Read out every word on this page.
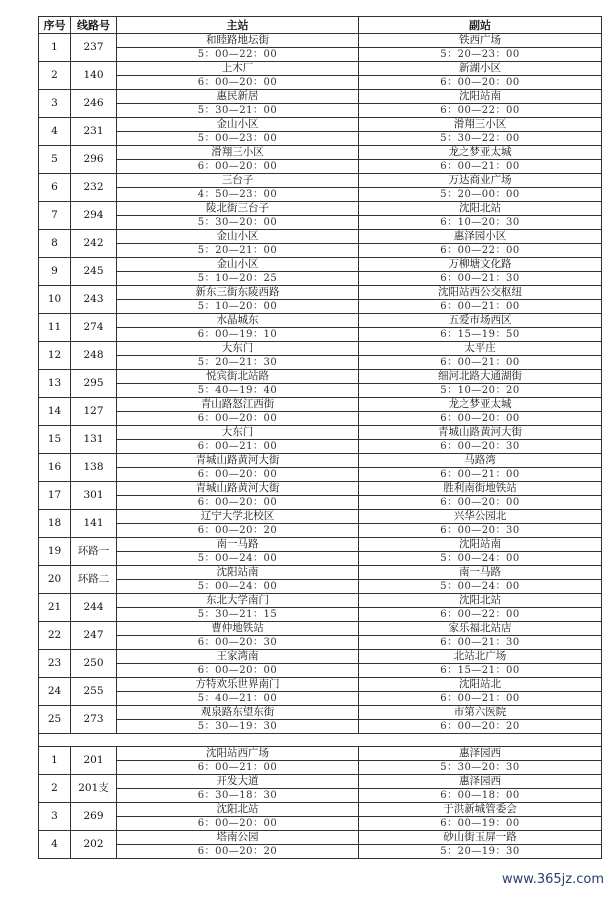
序号	线路号	主站	副站
1	237	和睦路地坛街	铁西广场
		5：00—22：00	5：20—23：00
2	140	上木厂	新湖小区
		6：00—20：00	6：00—20：00
3	246	惠民新居	沈阳站南
		5：30—21：00	6：00—22：00
4	231	金山小区	滑翔三小区
		5：00—23：00	5：30—22：00
5	296	滑翔三小区	龙之梦亚太城
		6：00—20：00	6：00—21：00
6	232	三台子	万达商业广场
		4：50—23：00	5：20—00：00
7	294	陵北街三台子	沈阳北站
		5：30—20：00	6：10—20：30
8	242	金山小区	惠泽园小区
		5：20—21：00	6：00—22：00
9	245	金山小区	万柳塘文化路
		5：10—20：25	6：00—21：30
10	243	新东三街东陵西路	沈阳站西公交枢纽
		5：10—20：00	6：00—21：00
11	274	水晶城东	五爱市场西区
		6：00—19：10	6：15—19：50
12	248	大东门	太平庄
		5：20—21：30	6：00—21：00
13	295	悦宾街北站路	细河北路大通湖街
		5：40—19：40	5：10—20：20
14	127	青山路怒江西街	龙之梦亚太城
		6：00—20：00	6：00—20：00
15	131	大东门	青城山路黄河大街
		6：00—21：00	6：00—20：30
16	138	青城山路黄河大街	马路湾
		6：00—20：00	6：00—21：00
17	301	青城山路黄河大街	胜利南街地铁站
		6：00—20：00	6：00—20：00
18	141	辽宁大学北校区	兴华公园北
		6：00—20：20	6：00—20：30
19	环路一	南一马路	沈阳站南
		5：00—24：00	5：00—24：00
20	环路二	沈阳站南	南一马路
		5：00—24：00	5：00—24：00
21	244	东北大学南门	沈阳北站
		5：30—21：15	6：00—22：00
22	247	曹仲地铁站	家乐福北站店
		6：00—20：30	6：00—21：30
23	250	王家湾南	北站北广场
		6：00—20：00	6：15—21：00
24	255	方特欢乐世界南门	沈阳站北
		5：40—21：00	6：00—21：00
25	273	观泉路东望东街	市第六医院
		5：30—19：30	6：00—20：20

1	201	沈阳站西广场	惠泽园西
		6：00—21：00	5：30—20：30
2	201支	开发大道	惠泽园西
		6：30—18：30	6：00—18：00
3	269	沈阳北站	于洪新城管委会
		6：00—20：00	6：00—19：00
4	202	塔南公园	砂山街玉屏一路
		6：00—20：20	5：20—19：30
www.365jz.com
